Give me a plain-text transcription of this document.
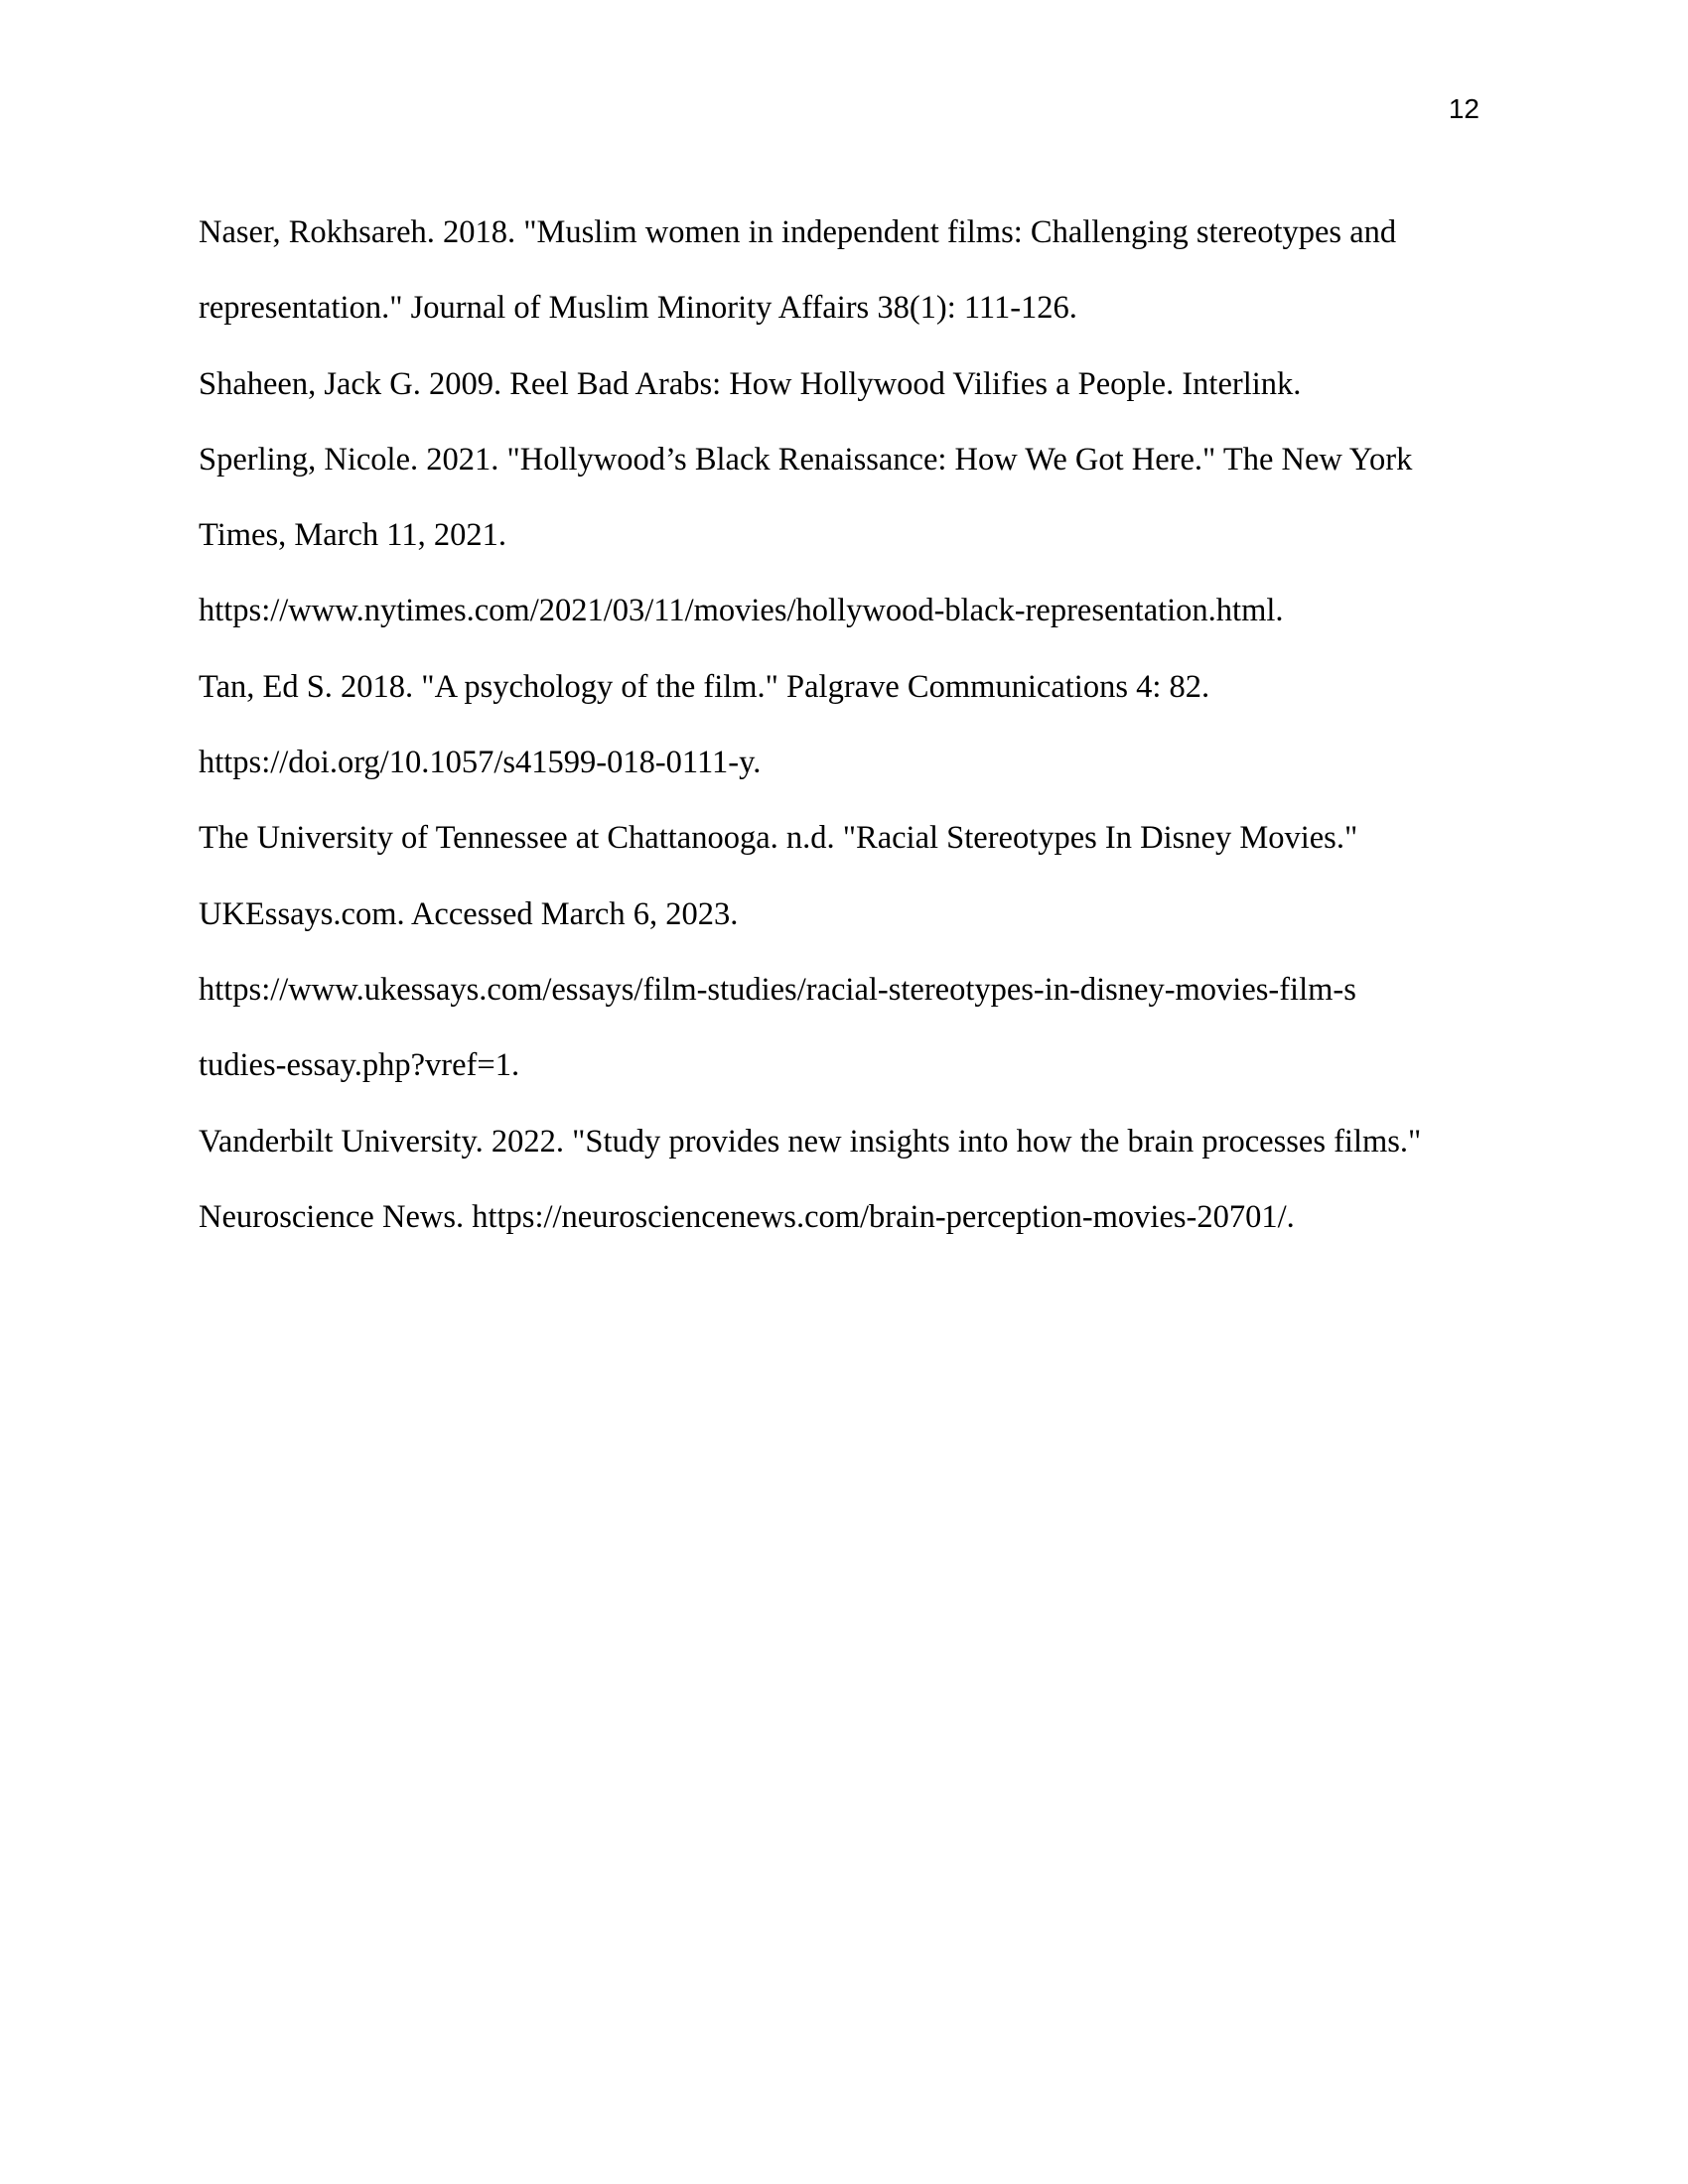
12

Naser, Rokhsareh. 2018. "Muslim women in independent films: Challenging stereotypes and
representation." Journal of Muslim Minority Affairs 38(1): 111-126.

Shaheen, Jack G. 2009. Reel Bad Arabs: How Hollywood Vilifies a People. Interlink.

Sperling, Nicole. 2021. "Hollywood’s Black Renaissance: How We Got Here." The New York
Times, March 11, 2021.
https://www.nytimes.com/2021/03/11/movies/hollywood-black-representation.html.

Tan, Ed S. 2018. "A psychology of the film." Palgrave Communications 4: 82.
https://doi.org/10.1057/s41599-018-0111-y.

The University of Tennessee at Chattanooga. n.d. "Racial Stereotypes In Disney Movies."
UKEssays.com. Accessed March 6, 2023.
https://www.ukessays.com/essays/film-studies/racial-stereotypes-in-disney-movies-film-s
tudies-essay.php?vref=1.

Vanderbilt University. 2022. "Study provides new insights into how the brain processes films."
Neuroscience News. https://neurosciencenews.com/brain-perception-movies-20701/.
